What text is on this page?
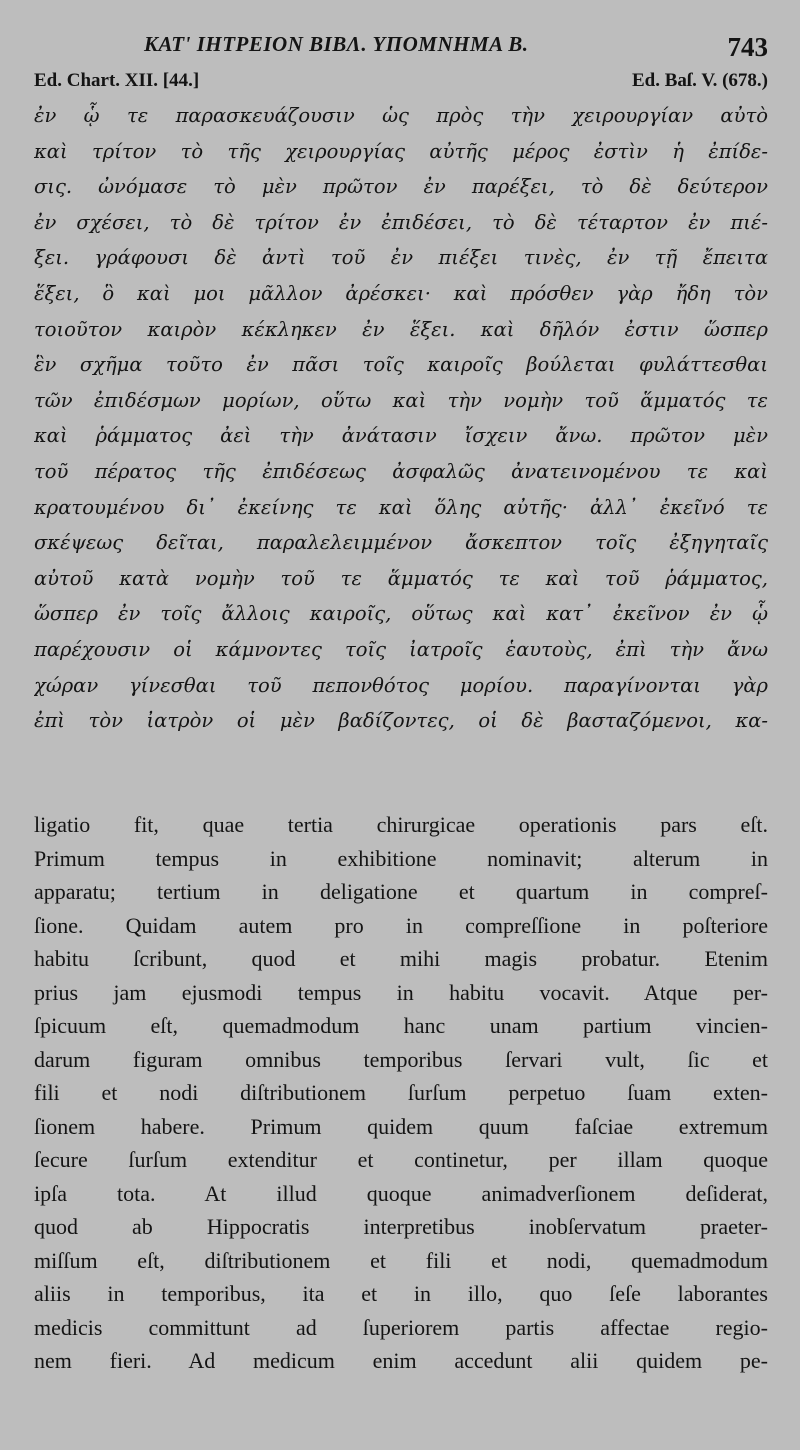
ΚΑΤ' ΙΗΤΡΕΙΟΝ ΒΙΒΛ. ΥΠΟΜΝΗΜΑ Β.	743
Ed. Chart. XII. [44.]	Ed. Baſ. V. (678.)
ἐν ᾧ τε παρασκευάζουσιν ὡς πρὸς τὴν χειρουργίαν αὐτὸ
καὶ τρίτον τὸ τῆς χειρουργίας αὐτῆς μέρος ἐστὶν ἡ ἐπίδε-
σις. ὠνόμασε τὸ μὲν πρῶτον ἐν παρέξει, τὸ δὲ δεύτερον
ἐν σχέσει, τὸ δὲ τρίτον ἐν ἐπιδέσει, τὸ δὲ τέταρτον ἐν πιέ-
ξει. γράφουσι δὲ ἀντὶ τοῦ ἐν πιέξει τινὲς, ἐν τῇ ἔπειτα
ἕξει, ὃ καὶ μοι μᾶλλον ἀρέσκει· καὶ πρόσθεν γὰρ ἤδη τὸν
τοιοῦτον καιρὸν κέκληκεν ἐν ἕξει. καὶ δῆλόν ἐστιν ὥσπερ
ἓν σχῆμα τοῦτο ἐν πᾶσι τοῖς καιροῖς βούλεται φυλάττεσθαι
τῶν ἐπιδέσμων μορίων, οὕτω καὶ τὴν νομὴν τοῦ ἅμματός τε
καὶ ῥάμματος ἀεὶ τὴν ἀνάτασιν ἴσχειν ἄνω. πρῶτον μὲν
τοῦ πέρατος τῆς ἐπιδέσεως ἀσφαλῶς ἀνατεινομένου τε καὶ
κρατουμένου δι᾽ ἐκείνης τε καὶ ὅλης αὐτῆς· ἀλλ᾽ ἐκεῖνό τε
σκέψεως δεῖται, παραλελειμμένον ἄσκεπτον τοῖς ἐξηγηταῖς
αὐτοῦ κατὰ νομὴν τοῦ τε ἅμματός τε καὶ τοῦ ῥάμματος,
ὥσπερ ἐν τοῖς ἄλλοις καιροῖς, οὕτως καὶ κατ᾽ ἐκεῖνον ἐν ᾧ
παρέχουσιν οἱ κάμνοντες τοῖς ἰατροῖς ἑαυτοὺς, ἐπὶ τὴν ἄνω
χώραν γίνεσθαι τοῦ πεπονθότος μορίου. παραγίνονται γὰρ
ἐπὶ τὸν ἰατρὸν οἱ μὲν βαδίζοντες, οἱ δὲ βασταζόμενοι, κα-
ligatio fit, quae tertia chirurgicae operationis pars eſt.
Primum tempus in exhibitione nominavit; alterum in
apparatu; tertium in deligatione et quartum in compreſ-
ſione. Quidam autem pro in compreſſione in poſteriore
habitu ſcribunt, quod et mihi magis probatur. Etenim
prius jam ejusmodi tempus in habitu vocavit. Atque per-
ſpicuum eſt, quemadmodum hanc unam partium vincien-
darum figuram omnibus temporibus ſervari vult, ſic et
fili et nodi diſtributionem ſurſum perpetuo ſuam exten-
ſionem habere. Primum quidem quum faſciae extremum
ſecure ſurſum extenditur et continetur, per illam quoque
ipſa tota. At illud quoque animadverſionem deſiderat,
quod ab Hippocratis interpretibus inobſervatum praeter-
miſſum eſt, diſtributionem et fili et nodi, quemadmodum
aliis in temporibus, ita et in illo, quo ſeſe laborantes
medicis committunt ad ſuperiorem partis affectae regio-
nem fieri. Ad medicum enim accedunt alii quidem pe-
